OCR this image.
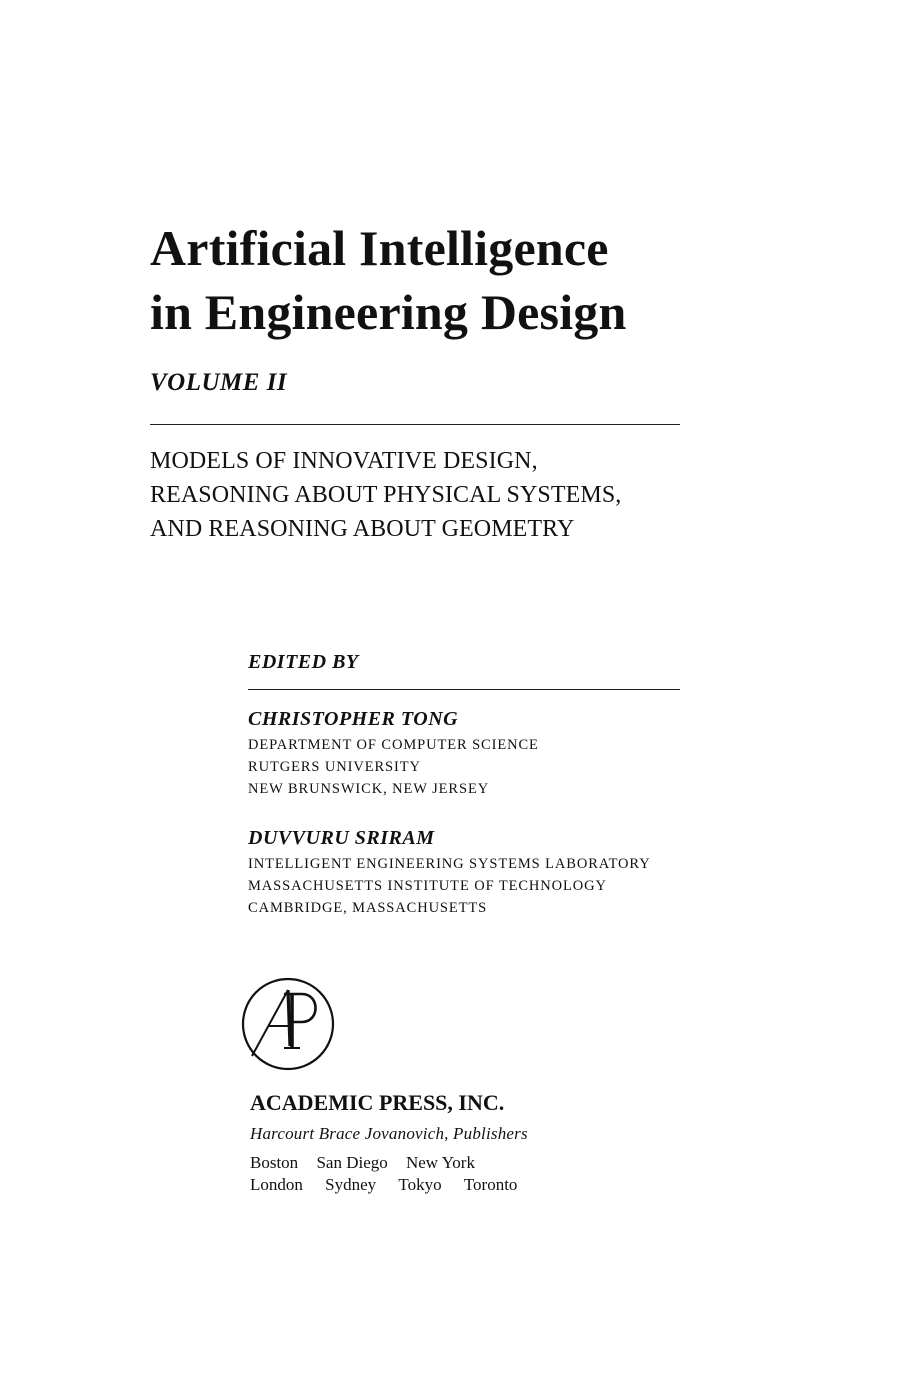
Artificial Intelligence
in Engineering Design
VOLUME II
MODELS OF INNOVATIVE DESIGN,
REASONING ABOUT PHYSICAL SYSTEMS,
AND REASONING ABOUT GEOMETRY
EDITED BY
CHRISTOPHER TONG
DEPARTMENT OF COMPUTER SCIENCE
RUTGERS UNIVERSITY
NEW BRUNSWICK, NEW JERSEY
DUVVURU SRIRAM
INTELLIGENT ENGINEERING SYSTEMS LABORATORY
MASSACHUSETTS INSTITUTE OF TECHNOLOGY
CAMBRIDGE, MASSACHUSETTS
ACADEMIC PRESS, INC.
Harcourt Brace Jovanovich, Publishers
Boston San Diego New York
London Sydney Tokyo Toronto
